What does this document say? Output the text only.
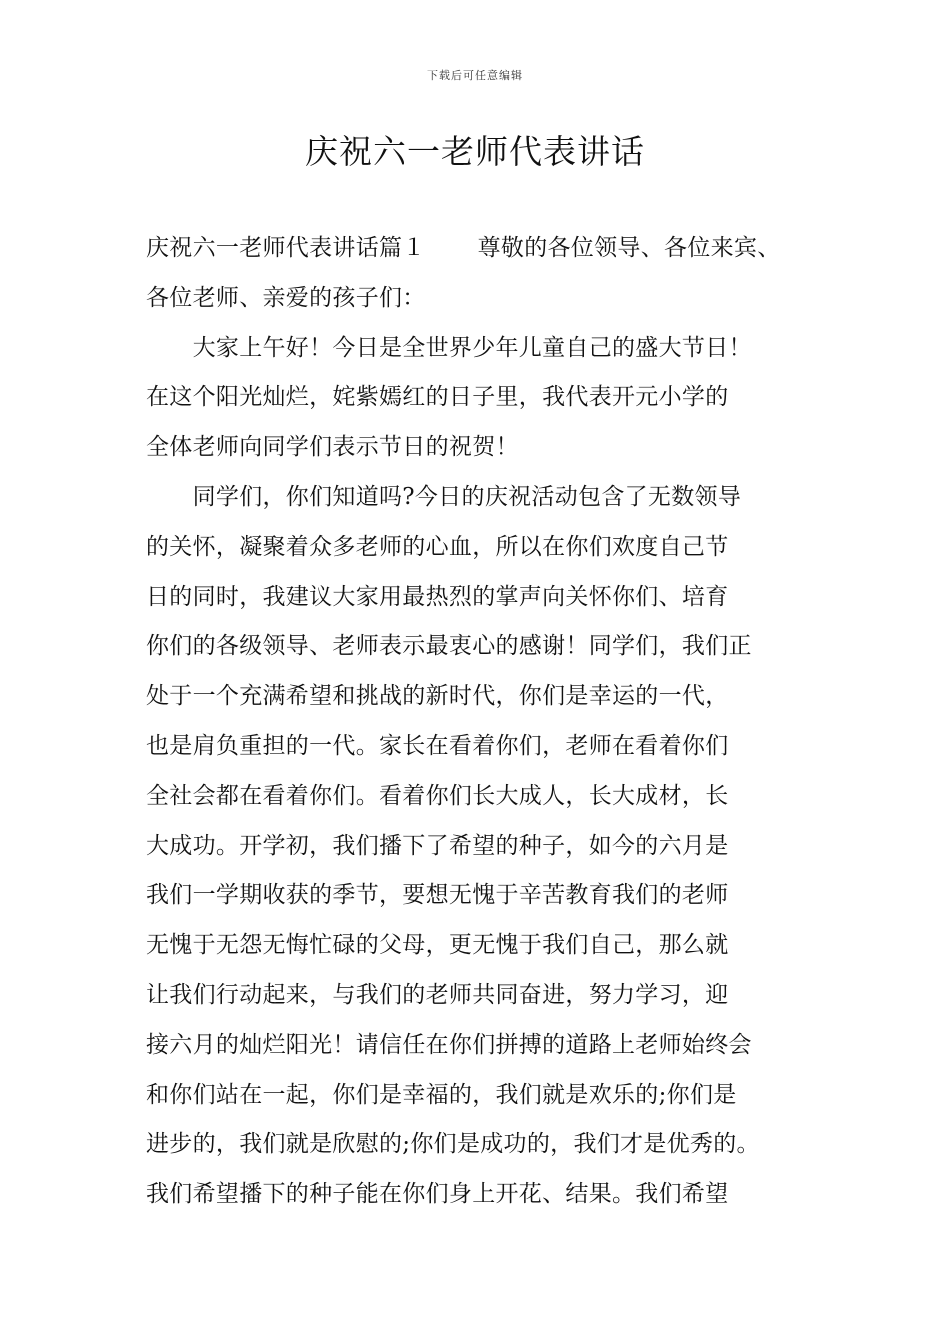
下载后可任意编辑
庆祝六一老师代表讲话
庆祝六一老师代表讲话篇１ 尊敬的各位领导、各位来宾、
各位老师、亲爱的孩子们：
　　大家上午好！今日是全世界少年儿童自己的盛大节日！
在这个阳光灿烂，姹紫嫣红的日子里，我代表开元小学的
全体老师向同学们表示节日的祝贺！
　　同学们，你们知道吗?今日的庆祝活动包含了无数领导
的关怀，凝聚着众多老师的心血，所以在你们欢度自己节
日的同时，我建议大家用最热烈的掌声向关怀你们、培育
你们的各级领导、老师表示最衷心的感谢！同学们，我们正
处于一个充满希望和挑战的新时代，你们是幸运的一代，
也是肩负重担的一代。家长在看着你们，老师在看着你们
全社会都在看着你们。看着你们长大成人，长大成材，长
大成功。开学初，我们播下了希望的种子，如今的六月是
我们一学期收获的季节，要想无愧于辛苦教育我们的老师
无愧于无怨无悔忙碌的父母，更无愧于我们自己，那么就
让我们行动起来，与我们的老师共同奋进，努力学习，迎
接六月的灿烂阳光！请信任在你们拼搏的道路上老师始终会
和你们站在一起，你们是幸福的，我们就是欢乐的;你们是
进步的，我们就是欣慰的;你们是成功的，我们才是优秀的。
我们希望播下的种子能在你们身上开花、结果。我们希望
